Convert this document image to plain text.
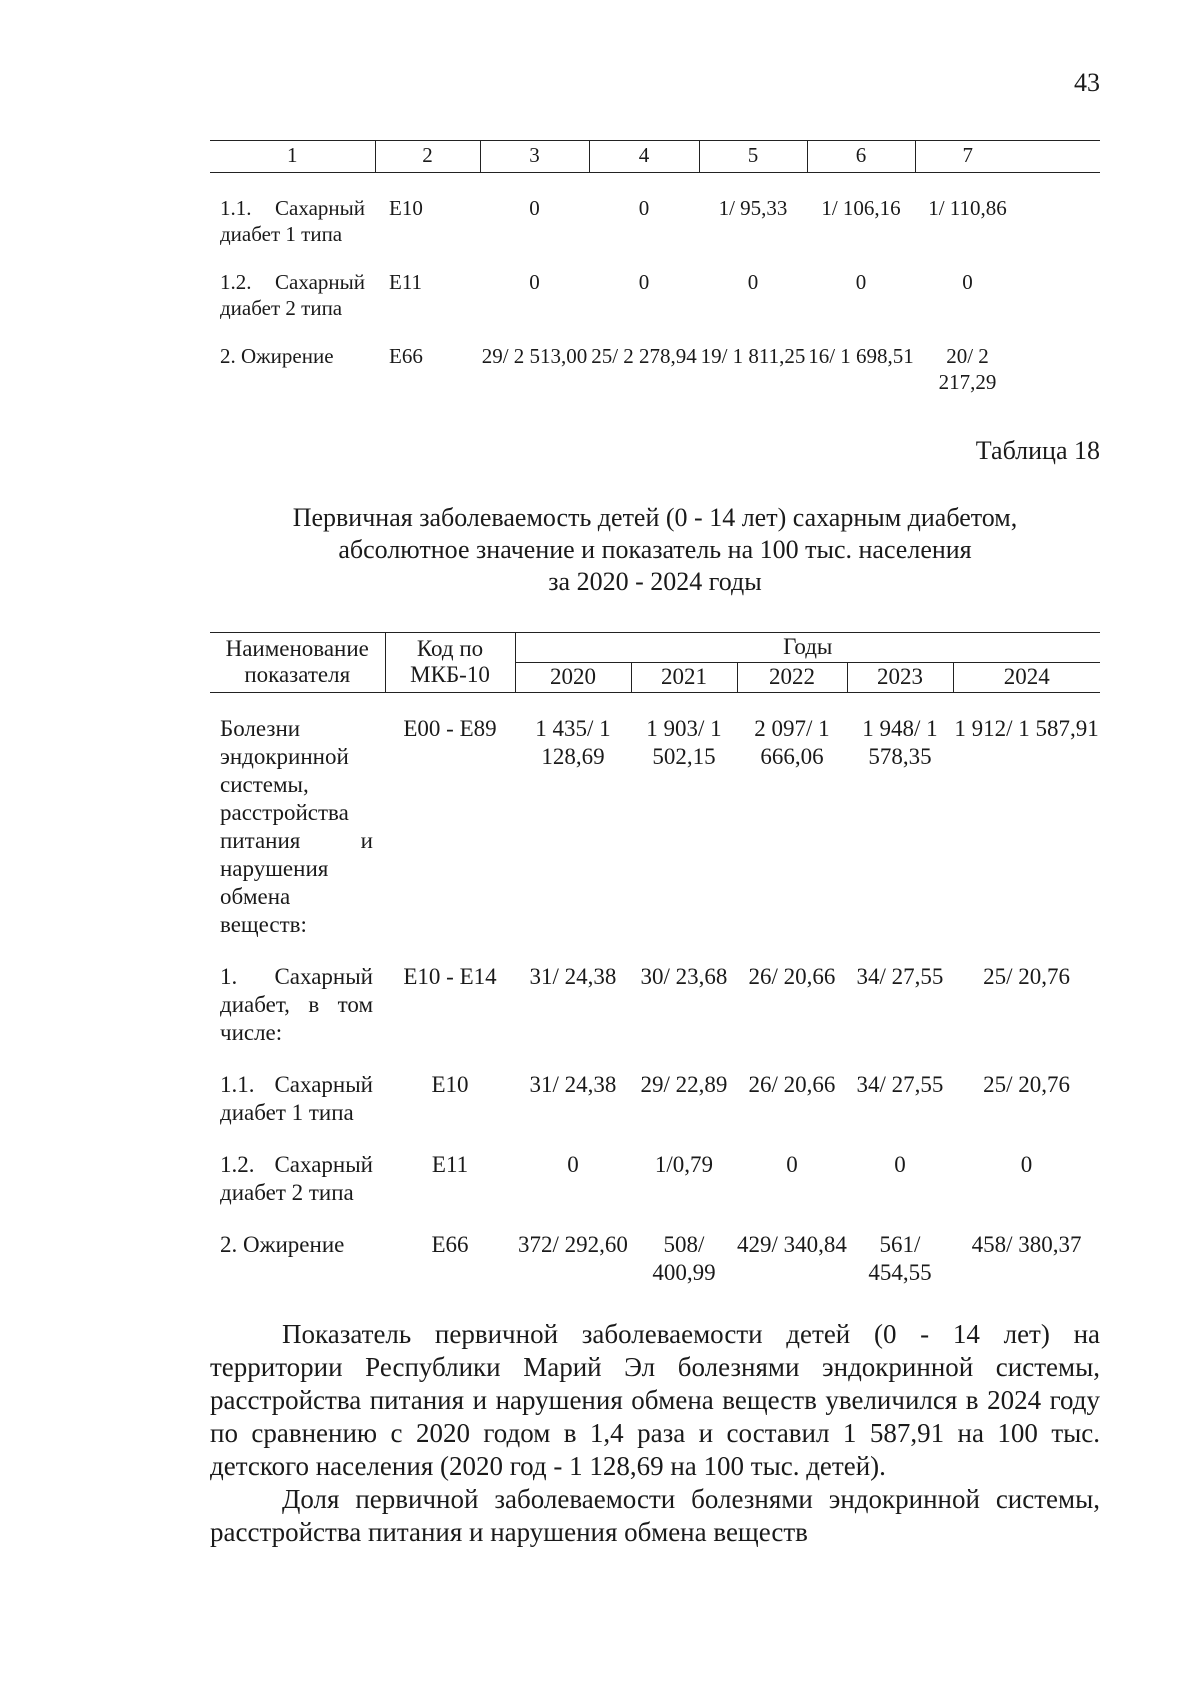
43
1	2	3	4	5	6	7

1.1. Сахарный диабет 1 типа	Е10	0	0	1/ 95,33	1/ 106,16	1/ 110,86

1.2. Сахарный диабет 2 типа	Е11	0	0	0	0	0

2. Ожирение	Е66	29/ 2 513,00	25/ 2 278,94	19/ 1 811,25	16/ 1 698,51	20/ 2 217,29
Таблица 18
Первичная заболеваемость детей (0 - 14 лет) сахарным диабетом,
абсолютное значение и показатель на 100 тыс. населения
за 2020 - 2024 годы
Наименование показателя	Код по МКБ-10	Годы				
		2020	2021	2022	2023	2024

Болезни эндокринной системы, расстройства питания и нарушения обмена веществ:	Е00 - Е89	1 435/ 1 128,69	1 903/ 1 502,15	2 097/ 1 666,06	1 948/ 1 578,35	1 912/ 1 587,91

1. Сахарный диабет, в том числе:	Е10 - Е14	31/ 24,38	30/ 23,68	26/ 20,66	34/ 27,55	25/ 20,76

1.1. Сахарный диабет 1 типа	Е10	31/ 24,38	29/ 22,89	26/ 20,66	34/ 27,55	25/ 20,76

1.2. Сахарный диабет 2 типа	Е11	0	1/0,79	0	0	0

2. Ожирение	Е66	372/ 292,60	508/ 400,99	429/ 340,84	561/ 454,55	458/ 380,37

Показатель первичной заболеваемости детей (0 - 14 лет) на территории Республики Марий Эл болезнями эндокринной системы, расстройства питания и нарушения обмена веществ увеличился в 2024 году по сравнению с 2020 годом в 1,4 раза и составил 1 587,91 на 100 тыс. детского населения (2020 год - 1 128,69 на 100 тыс. детей).

Доля первичной заболеваемости болезнями эндокринной системы, расстройства питания и нарушения обмена веществ
